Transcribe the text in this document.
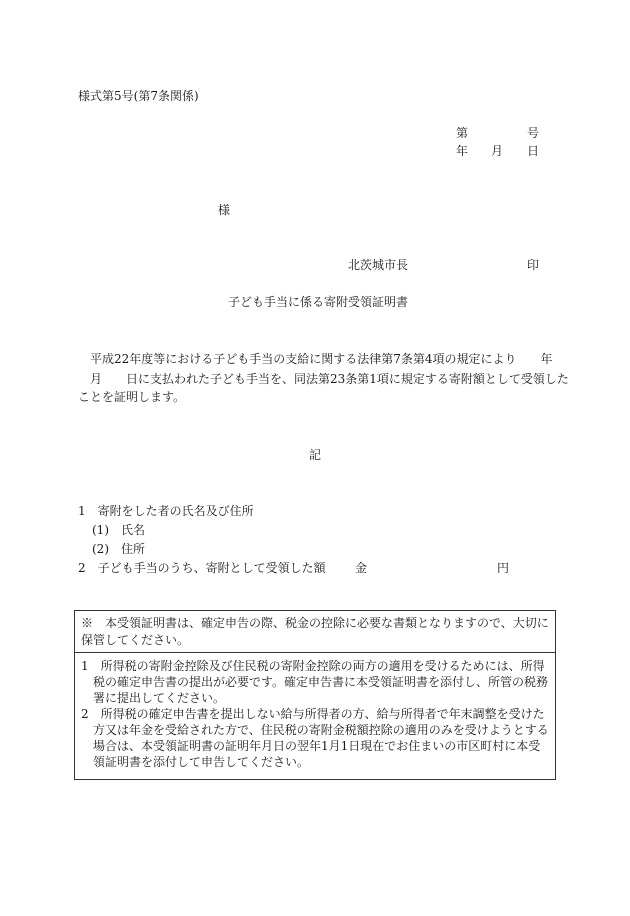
様式第5号(第7条関係)
第	号
年 月 日
様
北茨城市長	印
子ども手当に係る寄附受領証明書
　平成22年度等における子ども手当の支給に関する法律第7条第4項の規定により　　年
　月　　日に支払われた子ども手当を、同法第23条第1項に規定する寄附額として受領した
ことを証明します。
記
1　寄附をした者の氏名及び住所
(1)　氏名
(2)　住所
2　子ども手当のうち、寄附として受領した額 金	円
※　本受領証明書は、確定申告の際、税金の控除に必要な書類となりますので、大切に保管してください。
1　所得税の寄附金控除及び住民税の寄附金控除の両方の適用を受けるためには、所得税の確定申告書の提出が必要です。確定申告書に本受領証明書を添付し、所管の税務署に提出してください。
2　所得税の確定申告書を提出しない給与所得者の方、給与所得者で年末調整を受けた方又は年金を受給された方で、住民税の寄附金税額控除の適用のみを受けようとする場合は、本受領証明書の証明年月日の翌年1月1日現在でお住まいの市区町村に本受領証明書を添付して申告してください。
